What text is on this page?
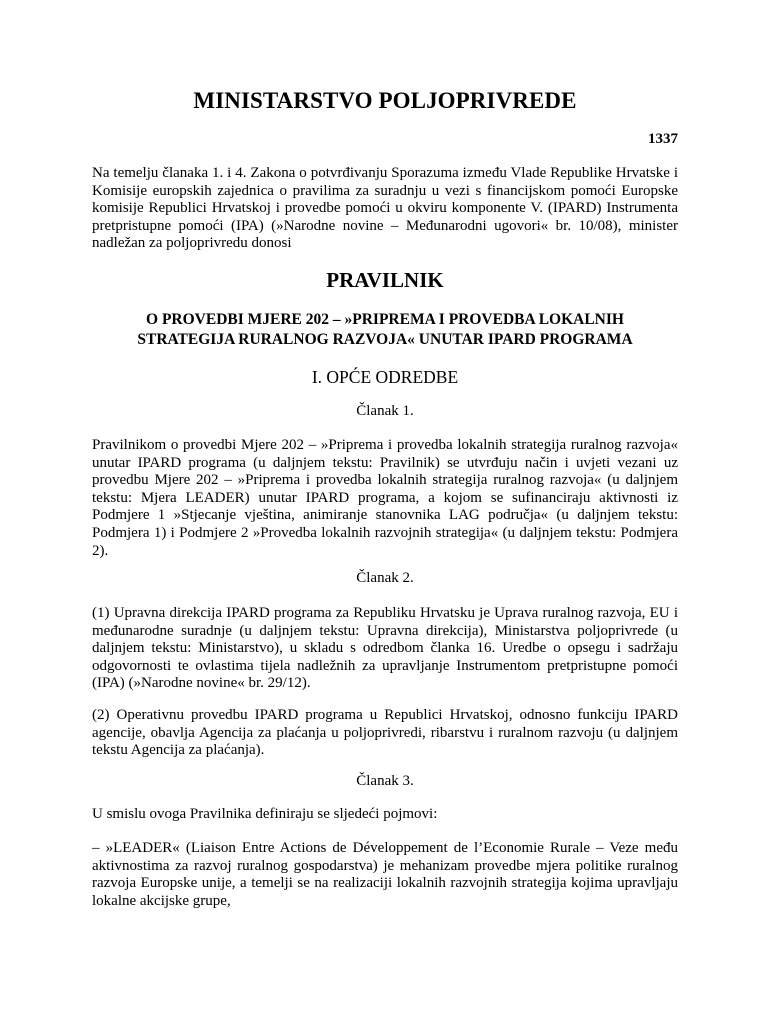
MINISTARSTVO POLJOPRIVREDE
1337

Na temelju članaka 1. i 4. Zakona o potvrđivanju Sporazuma između Vlade Republike Hrvatske i Komisije europskih zajednica o pravilima za suradnju u vezi s financijskom pomoći Europske komisije Republici Hrvatskoj i provedbe pomoći u okviru komponente V. (IPARD) Instrumenta pretpristupne pomoći (IPA) (»Narodne novine – Međunarodni ugovori« br. 10/08), minister nadležan za poljoprivredu donosi

PRAVILNIK
O PROVEDBI MJERE 202 – »PRIPREMA I PROVEDBA LOKALNIH
STRATEGIJA RURALNOG RAZVOJA« UNUTAR IPARD PROGRAMA
I. OPĆE ODREDBE
Članak 1.

Pravilnikom o provedbi Mjere 202 – »Priprema i provedba lokalnih strategija ruralnog razvoja« unutar IPARD programa (u daljnjem tekstu: Pravilnik) se utvrđuju način i uvjeti vezani uz provedbu Mjere 202 – »Priprema i provedba lokalnih strategija ruralnog razvoja« (u daljnjem tekstu: Mjera LEADER) unutar IPARD programa, a kojom se sufinanciraju aktivnosti iz Podmjere 1 »Stjecanje vještina, animiranje stanovnika LAG područja« (u daljnjem tekstu: Podmjera 1) i Podmjere 2 »Provedba lokalnih razvojnih strategija« (u daljnjem tekstu: Podmjera 2).

Članak 2.

(1) Upravna direkcija IPARD programa za Republiku Hrvatsku je Uprava ruralnog razvoja, EU i međunarodne suradnje (u daljnjem tekstu: Upravna direkcija), Ministarstva poljoprivrede (u daljnjem tekstu: Ministarstvo), u skladu s odredbom članka 16. Uredbe o opsegu i sadržaju odgovornosti te ovlastima tijela nadležnih za upravljanje Instrumentom pretpristupne pomoći (IPA) (»Narodne novine« br. 29/12).

(2) Operativnu provedbu IPARD programa u Republici Hrvatskoj, odnosno funkciju IPARD agencije, obavlja Agencija za plaćanja u poljoprivredi, ribarstvu i ruralnom razvoju (u daljnjem tekstu Agencija za plaćanja).

Članak 3.

U smislu ovoga Pravilnika definiraju se sljedeći pojmovi:

– »LEADER« (Liaison Entre Actions de Développement de l’Economie Rurale – Veze među aktivnostima za razvoj ruralnog gospodarstva) je mehanizam provedbe mjera politike ruralnog razvoja Europske unije, a temelji se na realizaciji lokalnih razvojnih strategija kojima upravljaju lokalne akcijske grupe,
